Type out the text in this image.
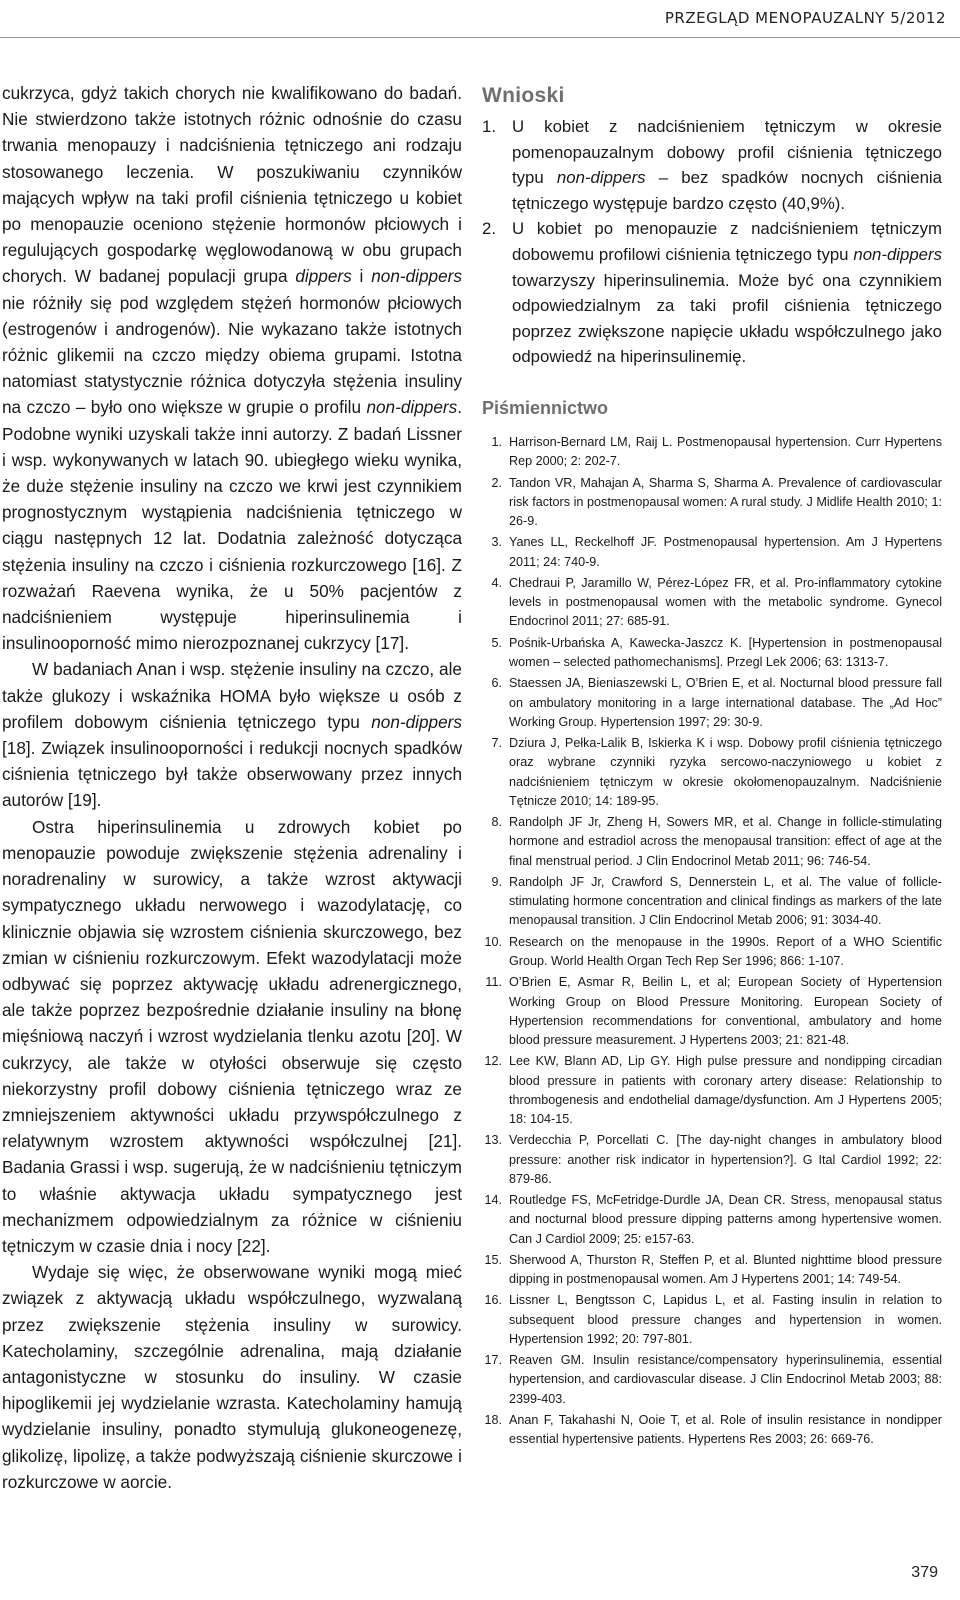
PRZEGLĄD MENOPAUZALNY 5/2012

cukrzyca, gdyż takich chorych nie kwalifikowano do badań. Nie stwierdzono także istotnych różnic odnośnie do czasu trwania menopauzy i nadciśnienia tętniczego ani rodzaju stosowanego leczenia. W poszukiwaniu czynników mających wpływ na taki profil ciśnienia tętniczego u kobiet po menopauzie oceniono stężenie hormonów płciowych i regulujących gospodarkę węglowodanową w obu grupach chorych. W badanej populacji grupa dippers i non-dippers nie różniły się pod względem stężeń hormonów płciowych (estrogenów i androgenów). Nie wykazano także istotnych różnic glikemii na czczo między obiema grupami. Istotna natomiast statystycznie różnica dotyczyła stężenia insuliny na czczo – było ono większe w grupie o profilu non-dippers. Podobne wyniki uzyskali także inni autorzy. Z badań Lissner i wsp. wykonywanych w latach 90. ubiegłego wieku wynika, że duże stężenie insuliny na czczo we krwi jest czynnikiem prognostycznym wystąpienia nadciśnienia tętniczego w ciągu następnych 12 lat. Dodatnia zależność dotycząca stężenia insuliny na czczo i ciśnienia rozkurczowego [16]. Z rozważań Raevena wynika, że u 50% pacjentów z nadciśnieniem występuje hiperinsulinemia i insulinooporność mimo nierozpoznanej cukrzycy [17].

W badaniach Anan i wsp. stężenie insuliny na czczo, ale także glukozy i wskaźnika HOMA było większe u osób z profilem dobowym ciśnienia tętniczego typu non-dippers [18]. Związek insulinooporności i redukcji nocnych spadków ciśnienia tętniczego był także obserwowany przez innych autorów [19].

Ostra hiperinsulinemia u zdrowych kobiet po menopauzie powoduje zwiększenie stężenia adrenaliny i noradrenaliny w surowicy, a także wzrost aktywacji sympatycznego układu nerwowego i wazodylatację, co klinicznie objawia się wzrostem ciśnienia skurczowego, bez zmian w ciśnieniu rozkurczowym. Efekt wazodylatacji może odbywać się poprzez aktywację układu adrenergicznego, ale także poprzez bezpośrednie działanie insuliny na błonę mięśniową naczyń i wzrost wydzielania tlenku azotu [20]. W cukrzycy, ale także w otyłości obserwuje się często niekorzystny profil dobowy ciśnienia tętniczego wraz ze zmniejszeniem aktywności układu przywspółczulnego z relatywnym wzrostem aktywności współczulnej [21]. Badania Grassi i wsp. sugerują, że w nadciśnieniu tętniczym to właśnie aktywacja układu sympatycznego jest mechanizmem odpowiedzialnym za różnice w ciśnieniu tętniczym w czasie dnia i nocy [22].

Wydaje się więc, że obserwowane wyniki mogą mieć związek z aktywacją układu współczulnego, wyzwalaną przez zwiększenie stężenia insuliny w surowicy. Katecholaminy, szczególnie adrenalina, mają działanie antagonistyczne w stosunku do insuliny. W czasie hipoglikemii jej wydzielanie wzrasta. Katecholaminy hamują wydzielanie insuliny, ponadto stymulują glukoneogenezę, glikolizę, lipolizę, a także podwyższają ciśnienie skurczowe i rozkurczowe w aorcie.

Wnioski
1. U kobiet z nadciśnieniem tętniczym w okresie pomenopauzalnym dobowy profil ciśnienia tętniczego typu non-dippers – bez spadków nocnych ciśnienia tętniczego występuje bardzo często (40,9%).
2. U kobiet po menopauzie z nadciśnieniem tętniczym dobowemu profilowi ciśnienia tętniczego typu non-dippers towarzyszy hiperinsulinemia. Może być ona czynnikiem odpowiedzialnym za taki profil ciśnienia tętniczego poprzez zwiększone napięcie układu współczulnego jako odpowiedź na hiperinsulinemię.
Piśmiennictwo
1. Harrison-Bernard LM, Raij L. Postmenopausal hypertension. Curr Hypertens Rep 2000; 2: 202-7.
2. Tandon VR, Mahajan A, Sharma S, Sharma A. Prevalence of cardiovascular risk factors in postmenopausal women: A rural study. J Midlife Health 2010; 1: 26-9.
3. Yanes LL, Reckelhoff JF. Postmenopausal hypertension. Am J Hypertens 2011; 24: 740-9.
4. Chedraui P, Jaramillo W, Pérez-López FR, et al. Pro-inflammatory cytokine levels in postmenopausal women with the metabolic syndrome. Gynecol Endocrinol 2011; 27: 685-91.
5. Pośnik-Urbańska A, Kawecka-Jaszcz K. [Hypertension in postmenopausal women – selected pathomechanisms]. Przegl Lek 2006; 63: 1313-7.
6. Staessen JA, Bieniaszewski L, O’Brien E, et al. Nocturnal blood pressure fall on ambulatory monitoring in a large international database. The „Ad Hoc” Working Group. Hypertension 1997; 29: 30-9.
7. Dziura J, Pełka-Lalik B, Iskierka K i wsp. Dobowy profil ciśnienia tętniczego oraz wybrane czynniki ryzyka sercowo-naczyniowego u kobiet z nadciśnieniem tętniczym w okresie okołomenopauzalnym. Nadciśnienie Tętnicze 2010; 14: 189-95.
8. Randolph JF Jr, Zheng H, Sowers MR, et al. Change in follicle-stimulating hormone and estradiol across the menopausal transition: effect of age at the final menstrual period. J Clin Endocrinol Metab 2011; 96: 746-54.
9. Randolph JF Jr, Crawford S, Dennerstein L, et al. The value of follicle-stimulating hormone concentration and clinical findings as markers of the late menopausal transition. J Clin Endocrinol Metab 2006; 91: 3034-40.
10. Research on the menopause in the 1990s. Report of a WHO Scientific Group. World Health Organ Tech Rep Ser 1996; 866: 1-107.
11. O’Brien E, Asmar R, Beilin L, et al; European Society of Hypertension Working Group on Blood Pressure Monitoring. European Society of Hypertension recommendations for conventional, ambulatory and home blood pressure measurement. J Hypertens 2003; 21: 821-48.
12. Lee KW, Blann AD, Lip GY. High pulse pressure and nondipping circadian blood pressure in patients with coronary artery disease: Relationship to thrombogenesis and endothelial damage/dysfunction. Am J Hypertens 2005; 18: 104-15.
13. Verdecchia P, Porcellati C. [The day-night changes in ambulatory blood pressure: another risk indicator in hypertension?]. G Ital Cardiol 1992; 22: 879-86.
14. Routledge FS, McFetridge-Durdle JA, Dean CR. Stress, menopausal status and nocturnal blood pressure dipping patterns among hypertensive women. Can J Cardiol 2009; 25: e157-63.
15. Sherwood A, Thurston R, Steffen P, et al. Blunted nighttime blood pressure dipping in postmenopausal women. Am J Hypertens 2001; 14: 749-54.
16. Lissner L, Bengtsson C, Lapidus L, et al. Fasting insulin in relation to subsequent blood pressure changes and hypertension in women. Hypertension 1992; 20: 797-801.
17. Reaven GM. Insulin resistance/compensatory hyperinsulinemia, essential hypertension, and cardiovascular disease. J Clin Endocrinol Metab 2003; 88: 2399-403.
18. Anan F, Takahashi N, Ooie T, et al. Role of insulin resistance in nondipper essential hypertensive patients. Hypertens Res 2003; 26: 669-76.
379
